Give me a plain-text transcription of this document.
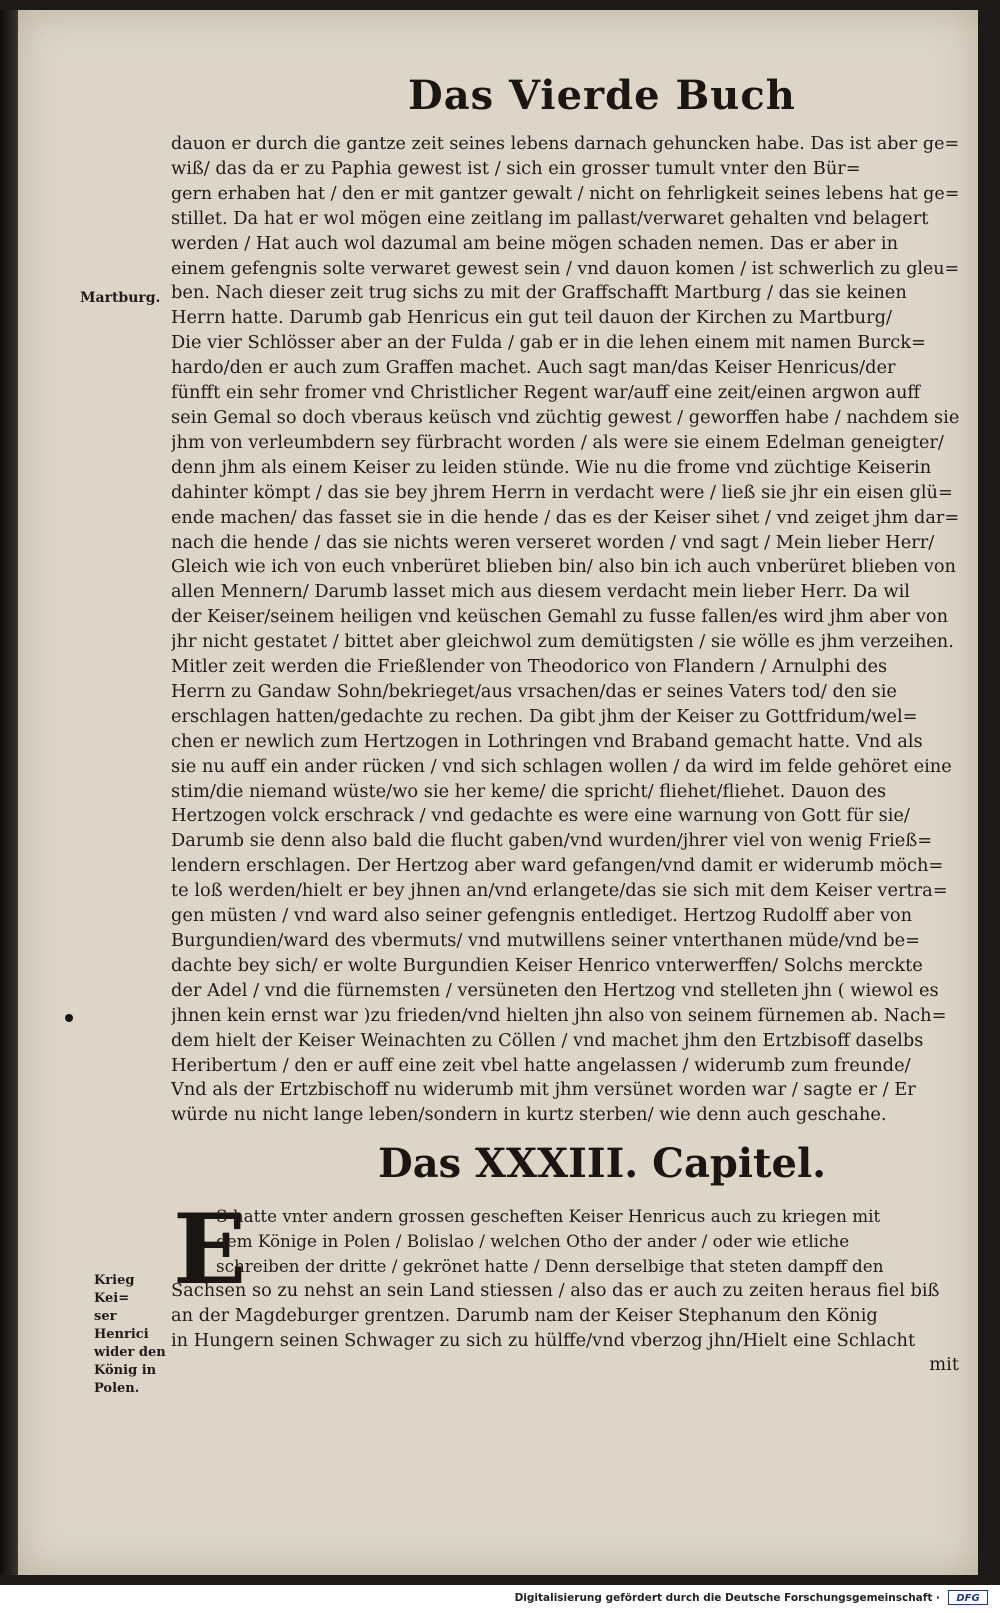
Das Vierde Buch
Martburg.
dauon er durch die gantze zeit seines lebens darnach gehuncken habe. Das ist aber ge=
wiß/ das da er zu Paphia gewest ist / sich ein grosser tumult vnter den Bür=
gern erhaben hat / den er mit gantzer gewalt / nicht on fehrligkeit seines lebens hat ge=
stillet. Da hat er wol mögen eine zeitlang im pallast/verwaret gehalten vnd belagert
werden / Hat auch wol dazumal am beine mögen schaden nemen. Das er aber in
einem gefengnis solte verwaret gewest sein / vnd dauon komen / ist schwerlich zu gleu=
ben. Nach dieser zeit trug sichs zu mit der Graffschafft Martburg / das sie keinen
Herrn hatte. Darumb gab Henricus ein gut teil dauon der Kirchen zu Martburg/
Die vier Schlösser aber an der Fulda / gab er in die lehen einem mit namen Burck=
hardo/den er auch zum Graffen machet. Auch sagt man/das Keiser Henricus/der
fünfft ein sehr fromer vnd Christlicher Regent war/auff eine zeit/einen argwon auff
sein Gemal so doch vberaus keüsch vnd züchtig gewest / geworffen habe / nachdem sie
jhm von verleumbdern sey fürbracht worden / als were sie einem Edelman geneigter/
denn jhm als einem Keiser zu leiden stünde. Wie nu die frome vnd züchtige Keiserin
dahinter kömpt / das sie bey jhrem Herrn in verdacht were / ließ sie jhr ein eisen glü=
ende machen/ das fasset sie in die hende / das es der Keiser sihet / vnd zeiget jhm dar=
nach die hende / das sie nichts weren verseret worden / vnd sagt / Mein lieber Herr/
Gleich wie ich von euch vnberüret blieben bin/ also bin ich auch vnberüret blieben von
allen Mennern/ Darumb lasset mich aus diesem verdacht mein lieber Herr. Da wil
der Keiser/seinem heiligen vnd keüschen Gemahl zu fusse fallen/es wird jhm aber von
jhr nicht gestatet / bittet aber gleichwol zum demütigsten / sie wölle es jhm verzeihen.
Mitler zeit werden die Frießlender von Theodorico von Flandern / Arnulphi des
Herrn zu Gandaw Sohn/bekrieget/aus vrsachen/das er seines Vaters tod/ den sie
erschlagen hatten/gedachte zu rechen. Da gibt jhm der Keiser zu Gottfridum/wel=
chen er newlich zum Hertzogen in Lothringen vnd Braband gemacht hatte. Vnd als
sie nu auff ein ander rücken / vnd sich schlagen wollen / da wird im felde gehöret eine
stim/die niemand wüste/wo sie her keme/ die spricht/ fliehet/fliehet. Dauon des
Hertzogen volck erschrack / vnd gedachte es were eine warnung von Gott für sie/
Darumb sie denn also bald die flucht gaben/vnd wurden/jhrer viel von wenig Frieß=
lendern erschlagen. Der Hertzog aber ward gefangen/vnd damit er widerumb möch=
te loß werden/hielt er bey jhnen an/vnd erlangete/das sie sich mit dem Keiser vertra=
gen müsten / vnd ward also seiner gefengnis entlediget. Hertzog Rudolff aber von
Burgundien/ward des vbermuts/ vnd mutwillens seiner vnterthanen müde/vnd be=
dachte bey sich/ er wolte Burgundien Keiser Henrico vnterwerffen/ Solchs merckte
der Adel / vnd die fürnemsten / versüneten den Hertzog vnd stelleten jhn ( wiewol es
jhnen kein ernst war )zu frieden/vnd hielten jhn also von seinem fürnemen ab. Nach=
dem hielt der Keiser Weinachten zu Cöllen / vnd machet jhm den Ertzbisoff daselbs
Heribertum / den er auff eine zeit vbel hatte angelassen / widerumb zum freunde/
Vnd als der Ertzbischoff nu widerumb mit jhm versünet worden war / sagte er / Er
würde nu nicht lange leben/sondern in kurtz sterben/ wie denn auch geschahe.
Das XXXIII. Capitel.
E
S hatte vnter andern grossen gescheften Keiser Henricus auch zu kriegen mit
dem Könige in Polen / Bolislao / welchen Otho der ander / oder wie etliche
schreiben der dritte / gekrönet hatte / Denn derselbige that steten dampff den
Sachsen so zu nehst an sein Land stiessen / also das er auch zu zeiten heraus fiel biß
an der Magdeburger grentzen. Darumb nam der Keiser Stephanum den König
in Hungern seinen Schwager zu sich zu hülffe/vnd vberzog jhn/Hielt eine Schlacht
mit
Krieg Kei=
ser Henrici
wider den
König in
Polen.
Digitalisierung gefördert durch die Deutsche Forschungsgemeinschaft ·	DFG
